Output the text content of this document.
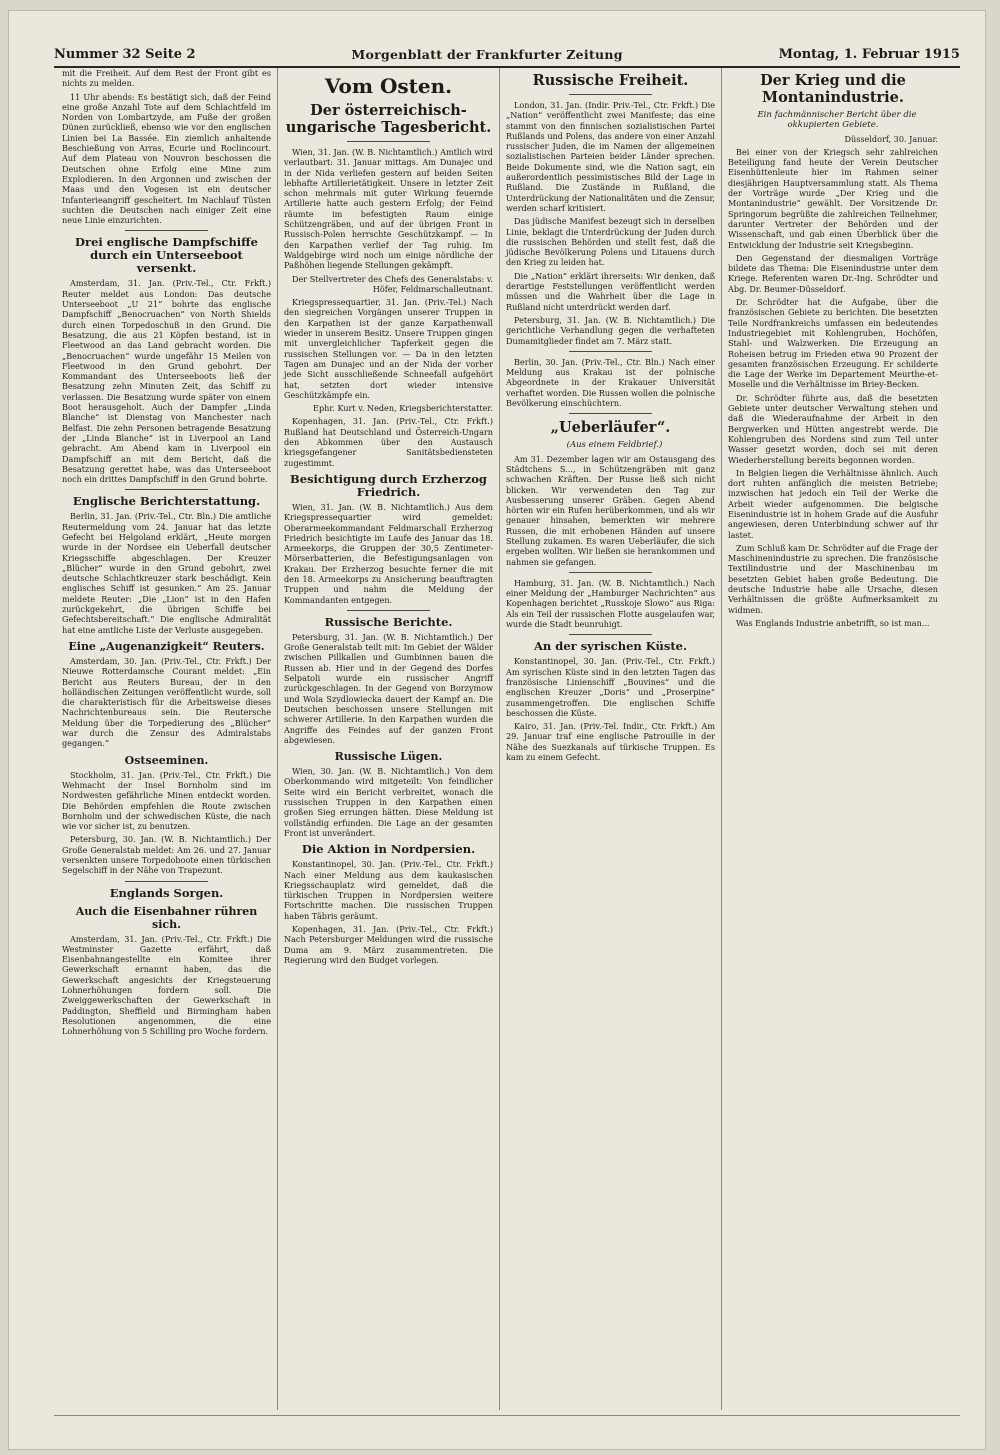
Nummer 32 Seite 2	Morgenblatt der Frankfurter Zeitung	Montag, 1. Februar 1915

mit die Freiheit. Auf dem Rest der Front gibt es nichts zu melden.

11 Uhr abends: Es bestätigt sich, daß der Feind eine große Anzahl Tote auf dem Schlachtfeld im Norden von Lombartzyde, am Fuße der großen Dünen zurückließ, ebenso wie vor den englischen Linien bei La Bassée. Ein ziemlich anhaltende Beschießung von Arras, Ecurie und Roclincourt. Auf dem Plateau von Nouvron beschossen die Deutschen ohne Erfolg eine Mine zum Explodieren. In den Argonnen und zwischen der Maas und den Vogesen ist ein deutscher Infanterieangriff gescheitert. Im Nachlauf Tüsten suchten die Deutschen nach einiger Zeit eine neue Linie einzurichten.

Drei englische Dampfschiffe durch ein Unterseeboot versenkt.

Amsterdam, 31. Jan. (Priv.-Tel., Ctr. Frkft.) Reuter meldet aus London: Das deutsche Unterseeboot „U 21“ bohrte das englische Dampfschiff „Benocruachen“ von North Shields durch einen Torpedoschuß in den Grund. Die Besatzung, die aus 21 Köpfen bestand, ist in Fleetwood an das Land gebracht worden. Die „Benocruachen“ wurde ungefähr 15 Meilen von Fleetwood in den Grund gebohrt. Der Kommandant des Unterseeboots ließ der Besatzung zehn Minuten Zeit, das Schiff zu verlassen. Die Besatzung wurde später von einem Boot herausgeholt. Auch der Dampfer „Linda Blanche“ ist Dienstag von Manchester nach Belfast. Die zehn Personen betragende Besatzung der „Linda Blanche“ ist in Liverpool an Land gebracht. Am Abend kam in Liverpool ein Dampfschiff an mit dem Bericht, daß die Besatzung gerettet habe, was das Unterseeboot noch ein drittes Dampfschiff in den Grund bohrte.

Englische Berichterstattung.

Berlin, 31. Jan. (Priv.-Tel., Ctr. Bln.) Die amtliche Reutermeldung vom 24. Januar hat das letzte Gefecht bei Helgoland erklärt, „Heute morgen wurde in der Nordsee ein Ueberfall deutscher Kriegsschiffe abgeschlagen. Der Kreuzer „Blücher“ wurde in den Grund gebohrt, zwei deutsche Schlachtkreuzer stark beschädigt. Kein englisches Schiff ist gesunken.“ Am 25. Januar meldete Reuter: „Die „Lion“ ist in den Hafen zurückgekehrt, die übrigen Schiffe bei Gefechtsbereitschaft.“ Die englische Admiralität hat eine amtliche Liste der Verluste ausgegeben.

Eine „Augenanzigkeit“ Reuters.

Amsterdam, 30. Jan. (Priv.-Tel., Ctr. Frkft.) Der Nieuwe Rotterdamsche Courant meldet: „Ein Bericht aus Reuters Bureau, der in den holländischen Zeitungen veröffentlicht wurde, soll die charakteristisch für die Arbeitsweise dieses Nachrichtenbureaus sein. Die Reutersche Meldung über die Torpedierung des „Blücher“ war durch die Zensur des Admiralstabs gegangen.“

Ostseeminen.

Stockholm, 31. Jan. (Priv.-Tel., Ctr. Frkft.) Die Wehmacht der Insel Bornholm sind im Nordwesten gefährliche Minen entdeckt worden. Die Behörden empfehlen die Route zwischen Bornholm und der schwedischen Küste, die nach wie vor sicher ist, zu benutzen.

Petersburg, 30. Jan. (W. B. Nichtamtlich.) Der Große Generalstab meldet: Am 26. und 27. Januar versenkten unsere Torpedoboote einen türkischen Segelschiff in der Nähe von Trapezunt.

Englands Sorgen.
Auch die Eisenbahner rühren sich.

Amsterdam, 31. Jan. (Priv.-Tel., Ctr. Frkft.) Die Westminster Gazette erfährt, daß Eisenbahnangestellte ein Komitee ihrer Gewerkschaft ernannt haben, das die Gewerkschaft angesichts der Kriegsteuerung Lohnerhöhungen fordern soll. Die Zweiggewerkschaften der Gewerkschaft in Paddington, Sheffield und Birmingham haben Resolutionen angenommen, die eine Lohnerhöhung von 5 Schilling pro Woche fordern.

Vom Osten.
Der österreichisch-ungarische Tagesbericht.

Wien, 31. Jan. (W. B. Nichtamtlich.) Amtlich wird verlautbart: 31. Januar mittags. Am Dunajec und in der Nida verliefen gestern auf beiden Seiten lebhafte Artillerietätigkeit. Unsere in letzter Zeit schon mehrmals mit guter Wirkung feuernde Artillerie hatte auch gestern Erfolg; der Feind räumte im befestigten Raum einige Schützengräben, und auf der übrigen Front in Russisch-Polen herrschte Geschützkampf. — In den Karpathen verlief der Tag ruhig. Im Waldgebirge wird noch um einige nördliche der Paßhöhen liegende Stellungen gekämpft.

Der Stellvertreter des Chefs des Generalstabs: v. Höfer, Feldmarschalleutnant.

Kriegspressequartier, 31. Jan. (Priv.-Tel.) Nach den siegreichen Vorgängen unserer Truppen in den Karpathen ist der ganze Karpathenwall wieder in unserem Besitz. Unsere Truppen gingen mit unvergleichlicher Tapferkeit gegen die russischen Stellungen vor. — Da in den letzten Tagen am Dunajec und an der Nida der vorher jede Sicht ausschließende Schneefall aufgehört hat, setzten dort wieder intensive Geschützkämpfe ein.

Ephr. Kurt v. Neden, Kriegsberichterstatter.

Kopenhagen, 31. Jan. (Priv.-Tel., Ctr. Frkft.) Rußland hat Deutschland und Österreich-Ungarn den Abkommen über den Austausch kriegsgefangener Sanitätsbediensteten zugestimmt.

Besichtigung durch Erzherzog Friedrich.

Wien, 31. Jan. (W. B. Nichtamtlich.) Aus dem Kriegspressequartier wird gemeldet: Oberarmeekommandant Feldmarschall Erzherzog Friedrich besichtigte im Laufe des Januar das 18. Armeekorps, die Gruppen der 30,5 Zentimeter-Mörserbatterien, die Befestigungsanlagen von Krakau. Der Erzherzog besuchte ferner die mit den 18. Armeekorps zu Ansicherung beauftragten Truppen und nahm die Meldung der Kommandanten entgegen.

Russische Berichte.

Petersburg, 31. Jan. (W. B. Nichtamtlich.) Der Große Generalstab teilt mit: Im Gebiet der Wälder zwischen Pillkallen und Gumbinnen bauen die Russen ab. Hier und in der Gegend des Dorfes Selpatoli wurde ein russischer Angriff zurückgeschlagen. In der Gegend von Borzymow und Wola Szydlowiecka dauert der Kampf an. Die Deutschen beschossen unsere Stellungen mit schwerer Artillerie. In den Karpathen wurden die Angriffe des Feindes auf der ganzen Front abgewiesen.

Russische Lügen.

Wien, 30. Jan. (W. B. Nichtamtlich.) Von dem Oberkommando wird mitgeteilt: Von feindlicher Seite wird ein Bericht verbreitet, wonach die russischen Truppen in den Karpathen einen großen Sieg errungen hätten. Diese Meldung ist vollständig erfunden. Die Lage an der gesamten Front ist unverändert.

Die Aktion in Nordpersien.

Konstantinopel, 30. Jan. (Priv.-Tel., Ctr. Frkft.) Nach einer Meldung aus dem kaukasischen Kriegsschauplatz wird gemeldet, daß die türkischen Truppen in Nordpersien weitere Fortschritte machen. Die russischen Truppen haben Täbris geräumt.

Kopenhagen, 31. Jan. (Priv.-Tel., Ctr. Frkft.) Nach Petersburger Meldungen wird die russische Duma am 9. März zusammentreten. Die Regierung wird den Budget vorlegen.

Russische Freiheit.

London, 31. Jan. (Indir. Priv.-Tel., Ctr. Frkft.) Die „Nation“ veröffentlicht zwei Manifeste; das eine stammt von den finnischen sozialistischen Partei Rußlands und Polens, das andere von einer Anzahl russischer Juden, die im Namen der allgemeinen sozialistischen Parteien beider Länder sprechen. Beide Dokumente sind, wie die Nation sagt, ein außerordentlich pessimistisches Bild der Lage in Rußland. Die Zustände in Rußland, die Unterdrückung der Nationalitäten und die Zensur, werden scharf kritisiert.

Das jüdische Manifest bezeugt sich in derselben Linie, beklagt die Unterdrückung der Juden durch die russischen Behörden und stellt fest, daß die jüdische Bevölkerung Polens und Litauens durch den Krieg zu leiden hat.

Die „Nation“ erklärt ihrerseits: Wir denken, daß derartige Feststellungen veröffentlicht werden müssen und die Wahrheit über die Lage in Rußland nicht unterdrückt werden darf.

Petersburg, 31. Jan. (W. B. Nichtamtlich.) Die gerichtliche Verhandlung gegen die verhafteten Dumamitglieder findet am 7. März statt.

Berlin, 30. Jan. (Priv.-Tel., Ctr. Bln.) Nach einer Meldung aus Krakau ist der polnische Abgeordnete in der Krakauer Universität verhaftet worden. Die Russen wollen die polnische Bevölkerung einschüchtern.

„Ueberläufer“.

(Aus einem Feldbrief.)

Am 31. Dezember lagen wir am Ostausgang des Städtchens S..., in Schützengräben mit ganz schwachen Kräften. Der Russe ließ sich nicht blicken. Wir verwendeten den Tag zur Ausbesserung unserer Gräben. Gegen Abend hörten wir ein Rufen herüberkommen, und als wir genauer hinsahen, bemerkten wir mehrere Russen, die mit erhobenen Händen auf unsere Stellung zukamen. Es waren Ueberläufer, die sich ergeben wollten. Wir ließen sie herankommen und nahmen sie gefangen.

Hamburg, 31. Jan. (W. B. Nichtamtlich.) Nach einer Meldung der „Hamburger Nachrichten“ aus Kopenhagen berichtet „Russkoje Slowo“ aus Riga: Als ein Teil der russischen Flotte ausgelaufen war, wurde die Stadt beunruhigt.

An der syrischen Küste.

Konstantinopel, 30. Jan. (Priv.-Tel., Ctr. Frkft.) Am syrischen Küste sind in den letzten Tagen das französische Linienschiff „Bouvines“ und die englischen Kreuzer „Doris“ und „Proserpine“ zusammengetroffen. Die englischen Schiffe beschossen die Küste.

Kairo, 31. Jan. (Priv.-Tel. Indir., Ctr. Frkft.) Am 29. Januar traf eine englische Patrouille in der Nähe des Suezkanals auf türkische Truppen. Es kam zu einem Gefecht.

Der Krieg und die Montanindustrie.

Ein fachmännischer Bericht über die okkupierten Gebiete.

Düsseldorf, 30. Januar.

Bei einer von der Kriegsch sehr zahlreichen Beteiligung fand heute der Verein Deutscher Eisenhüttenleute hier im Rahmen seiner diesjährigen Hauptversammlung statt. Als Thema der Vorträge wurde „Der Krieg und die Montanindustrie“ gewählt. Der Vorsitzende Dr. Springorum begrüßte die zahlreichen Teilnehmer, darunter Vertreter der Behörden und der Wissenschaft, und gab einen Überblick über die Entwicklung der Industrie seit Kriegsbeginn.

Den Gegenstand der diesmaligen Vorträge bildete das Thema: Die Eisenindustrie unter dem Kriege. Referenten waren Dr.-Ing. Schrödter und Abg. Dr. Beumer-Düsseldorf.

Dr. Schrödter hat die Aufgabe, über die französischen Gebiete zu berichten. Die besetzten Teile Nordfrankreichs umfassen ein bedeutendes Industriegebiet mit Kohlengruben, Hochöfen, Stahl- und Walzwerken. Die Erzeugung an Roheisen betrug im Frieden etwa 90 Prozent der gesamten französischen Erzeugung. Er schilderte die Lage der Werke im Departement Meurthe-et-Moselle und die Verhältnisse im Briey-Becken.

Dr. Schrödter führte aus, daß die besetzten Gebiete unter deutscher Verwaltung stehen und daß die Wiederaufnahme der Arbeit in den Bergwerken und Hütten angestrebt werde. Die Kohlengruben des Nordens sind zum Teil unter Wasser gesetzt worden, doch sei mit deren Wiederherstellung bereits begonnen worden.

In Belgien liegen die Verhältnisse ähnlich. Auch dort ruhten anfänglich die meisten Betriebe; inzwischen hat jedoch ein Teil der Werke die Arbeit wieder aufgenommen. Die belgische Eisenindustrie ist in hohem Grade auf die Ausfuhr angewiesen, deren Unterbindung schwer auf ihr lastet.

Zum Schluß kam Dr. Schrödter auf die Frage der Maschinenindustrie zu sprechen. Die französische Textilindustrie und der Maschinenbau im besetzten Gebiet haben große Bedeutung. Die deutsche Industrie habe alle Ursache, diesen Verhältnissen die größte Aufmerksamkeit zu widmen.

Was Englands Industrie anbetrifft, so ist man...
